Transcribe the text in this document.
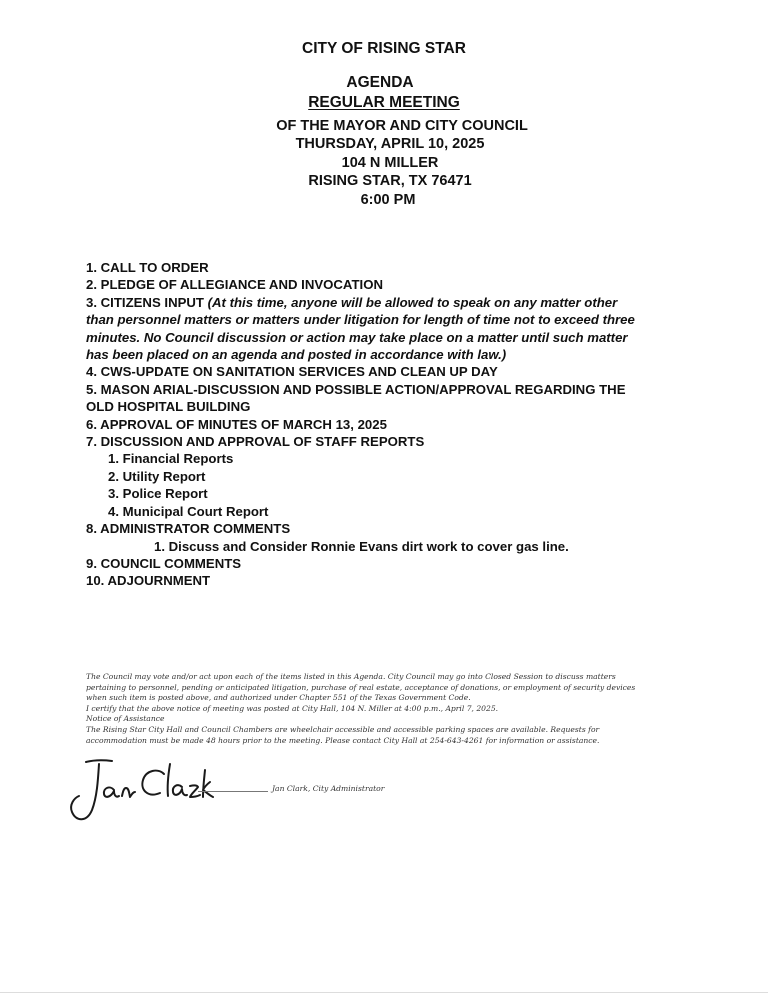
CITY OF RISING STAR
AGENDA
REGULAR MEETING
OF THE MAYOR AND CITY COUNCIL
THURSDAY, APRIL 10, 2025
104 N MILLER
RISING STAR, TX 76471
6:00 PM
1. CALL TO ORDER
2. PLEDGE OF ALLEGIANCE AND INVOCATION
3. CITIZENS INPUT (At this time, anyone will be allowed to speak on any matter other
than personnel matters or matters under litigation for length of time not to exceed three
minutes. No Council discussion or action may take place on a matter until such matter
has been placed on an agenda and posted in accordance with law.)
4. CWS-UPDATE ON SANITATION SERVICES AND CLEAN UP DAY
5. MASON ARIAL-DISCUSSION AND POSSIBLE ACTION/APPROVAL REGARDING THE
OLD HOSPITAL BUILDING
6. APPROVAL OF MINUTES OF MARCH 13, 2025
7. DISCUSSION AND APPROVAL OF STAFF REPORTS
1. Financial Reports
2. Utility Report
3. Police Report
4. Municipal Court Report
8. ADMINISTRATOR COMMENTS
1. Discuss and Consider Ronnie Evans dirt work to cover gas line.
9. COUNCIL COMMENTS
10. ADJOURNMENT
The Council may vote and/or act upon each of the items listed in this Agenda. City Council may go into Closed Session to discuss matters
pertaining to personnel, pending or anticipated litigation, purchase of real estate, acceptance of donations, or employment of security devices
when such item is posted above, and authorized under Chapter 551 of the Texas Government Code.
I certify that the above notice of meeting was posted at City Hall, 104 N. Miller at 4:00 p.m., April 7, 2025.
Notice of Assistance
The Rising Star City Hall and Council Chambers are wheelchair accessible and accessible parking spaces are available. Requests for
accommodation must be made 48 hours prior to the meeting. Please contact City Hall at 254-643-4261 for information or assistance.
Jan Clark, City Administrator
